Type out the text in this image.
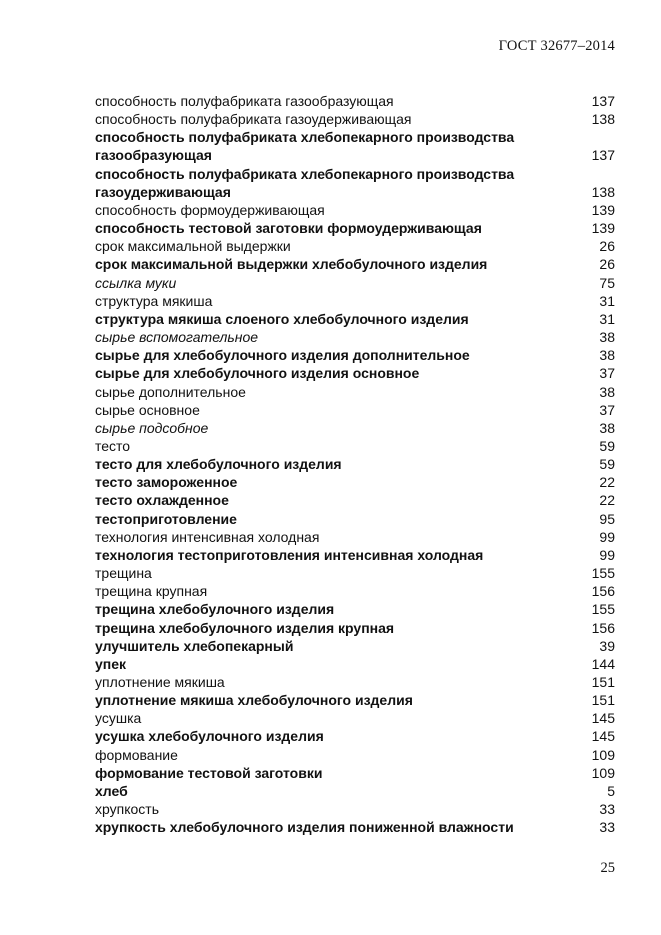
ГОСТ 32677–2014
способность полуфабриката газообразующая	137
способность полуфабриката газоудерживающая	138
способность полуфабриката хлебопекарного производства газообразующая	137
способность полуфабриката хлебопекарного производства газоудерживающая	138
способность формоудерживающая	139
способность тестовой заготовки формоудерживающая	139
срок максимальной выдержки	26
срок максимальной выдержки хлебобулочного изделия	26
ссылка муки	75
структура мякиша	31
структура мякиша слоеного хлебобулочного изделия	31
сырье вспомогательное	38
сырье для хлебобулочного изделия дополнительное	38
сырье для хлебобулочного изделия основное	37
сырье дополнительное	38
сырье основное	37
сырье подсобное	38
тесто	59
тесто для хлебобулочного изделия	59
тесто замороженное	22
тесто охлажденное	22
тестоприготовление	95
технология интенсивная холодная	99
технология тестоприготовления интенсивная холодная	99
трещина	155
трещина крупная	156
трещина хлебобулочного изделия	155
трещина хлебобулочного изделия крупная	156
улучшитель хлебопекарный	39
упек	144
уплотнение мякиша	151
уплотнение мякиша хлебобулочного изделия	151
усушка	145
усушка хлебобулочного изделия	145
формование	109
формование тестовой заготовки	109
хлеб	5
хрупкость	33
хрупкость хлебобулочного изделия пониженной влажности	33
25
